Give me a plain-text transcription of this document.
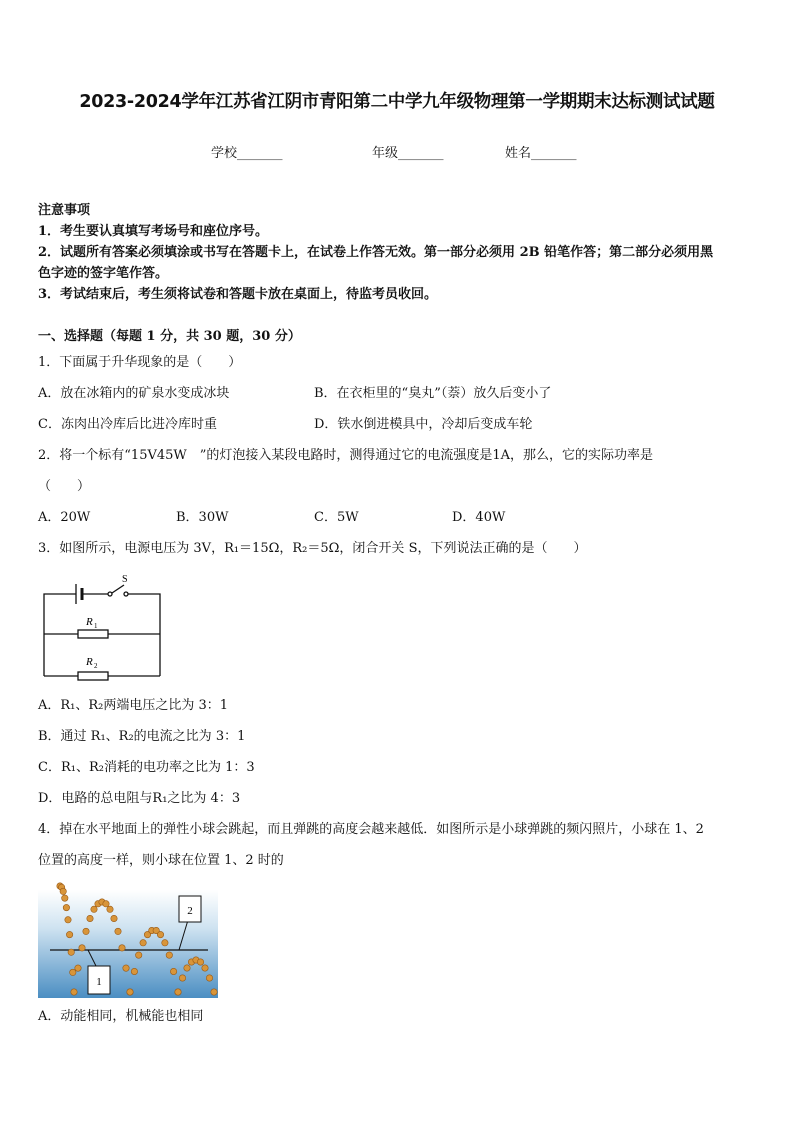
2023-2024学年江苏省江阴市青阳第二中学九年级物理第一学期期末达标测试试题
学校_______	年级_______	姓名_______
注意事项
1．考生要认真填写考场号和座位序号。
2．试题所有答案必须填涂或书写在答题卡上，在试卷上作答无效。第一部分必须用 2B 铅笔作答；第二部分必须用黑
色字迹的签字笔作答。
3．考试结束后，考生须将试卷和答题卡放在桌面上，待监考员收回。
一、选择题（每题 1 分，共 30 题，30 分）
1．下面属于升华现象的是（　　）
A．放在冰箱内的矿泉水变成冰块	B．在衣柜里的“臭丸”（萘）放久后变小了
C．冻肉出冷库后比进冷库时重	D．铁水倒进模具中，冷却后变成车轮
2．将一个标有“15V45W　”的灯泡接入某段电路时，测得通过它的电流强度是1A，那么，它的实际功率是
（　　）
A．20W	B．30W	C．5W	D．40W
3．如图所示，电源电压为 3V，R₁＝15Ω，R₂＝5Ω，闭合开关 S，下列说法正确的是（　　）
S
R 1
R 2
A．R₁、R₂两端电压之比为 3：1
B．通过 R₁、R₂的电流之比为 3：1
C．R₁、R₂消耗的电功率之比为 1：3
D．电路的总电阻与R₁之比为 4：3
4．掉在水平地面上的弹性小球会跳起，而且弹跳的高度会越来越低．如图所示是小球弹跳的频闪照片，小球在 1、2
位置的高度一样，则小球在位置 1、2 时的
1
2
A．动能相同，机械能也相同
